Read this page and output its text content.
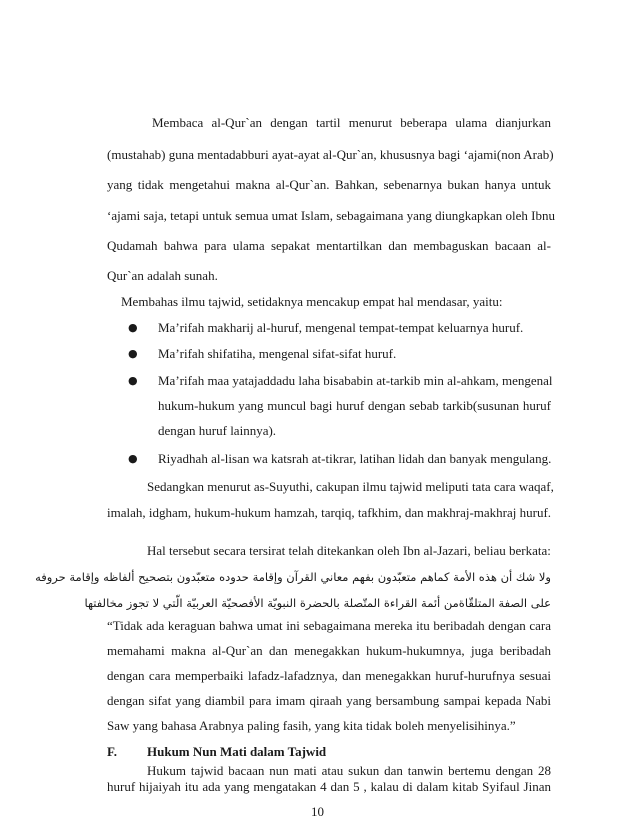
Membaca al-Qur`an dengan tartil menurut beberapa ulama dianjurkan
(mustahab) guna mentadabburi ayat-ayat al-Qur`an, khususnya bagi ‘ajami(non Arab)
yang tidak mengetahui makna al-Qur`an. Bahkan, sebenarnya bukan hanya untuk
‘ajami saja, tetapi untuk semua umat Islam, sebagaimana yang diungkapkan oleh Ibnu
Qudamah bahwa para ulama sepakat mentartilkan dan membaguskan bacaan al-
Qur`an adalah sunah.
Membahas ilmu tajwid, setidaknya mencakup empat hal mendasar, yaitu:
● Ma’rifah makharij al-huruf, mengenal tempat-tempat keluarnya huruf.
● Ma’rifah shifatiha, mengenal sifat-sifat huruf.
● Ma’rifah maa yatajaddadu laha bisababin at-tarkib min al-ahkam, mengenal
hukum-hukum yang muncul bagi huruf dengan sebab tarkib(susunan huruf
dengan huruf lainnya).
● Riyadhah al-lisan wa katsrah at-tikrar, latihan lidah dan banyak mengulang.
Sedangkan menurut as-Suyuthi, cakupan ilmu tajwid meliputi tata cara waqaf,
imalah, idgham, hukum-hukum hamzah, tarqiq, tafkhim, dan makhraj-makhraj huruf.
Hal tersebut secara tersirat telah ditekankan oleh Ibn al-Jazari, beliau berkata:
ولا شك أن هذه الأمة كماهم متعبّدون بفهم معاني القرآن وإقامة حدوده متعبّدون بتصحيح ألفاظه وإقامة حروفه
على الصفة المتلقّاةمن أئمة القراءة المتّصلة بالحضرة النبويّة الأفصحيّة العربيّة الّتي لا تجوز مخالفتها
“Tidak ada keraguan bahwa umat ini sebagaimana mereka itu beribadah dengan cara
memahami makna al-Qur`an dan menegakkan hukum-hukumnya, juga beribadah
dengan cara memperbaiki lafadz-lafadznya, dan menegakkan huruf-hurufnya sesuai
dengan sifat yang diambil para imam qiraah yang bersambung sampai kepada Nabi
Saw yang bahasa Arabnya paling fasih, yang kita tidak boleh menyelisihinya.”
F. Hukum Nun Mati dalam Tajwid
Hukum tajwid bacaan nun mati atau sukun dan tanwin bertemu dengan 28
huruf hijaiyah itu ada yang mengatakan 4 dan 5 , kalau di dalam kitab Syifaul Jinan
10
